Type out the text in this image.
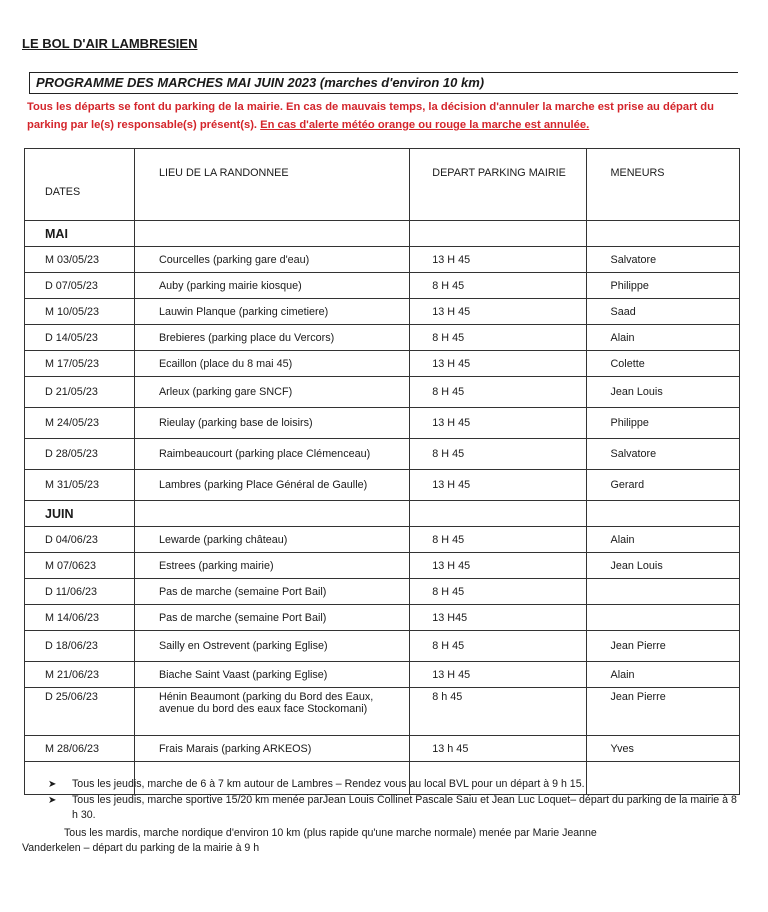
LE BOL D'AIR LAMBRESIEN
PROGRAMME DES MARCHES MAI JUIN 2023 (marches d'environ 10 km)
Tous les départs se font du parking de la mairie. En cas de mauvais temps, la décision d'annuler la marche est prise au départ du parking par le(s) responsable(s) présent(s). En cas d'alerte météo orange ou rouge la marche est annulée.
DATES	LIEU DE LA RANDONNEE	DEPART PARKING MAIRIE	MENEURS
MAI			
M 03/05/23	Courcelles (parking gare d'eau)	13 H 45	Salvatore
D 07/05/23	Auby (parking mairie kiosque)	8 H 45	Philippe
M 10/05/23	Lauwin Planque (parking cimetiere)	13 H 45	Saad
D 14/05/23	Brebieres (parking place du Vercors)	8 H 45	Alain
M 17/05/23	Ecaillon (place du 8 mai 45)	13 H 45	Colette
D 21/05/23	Arleux (parking gare SNCF)	8 H 45	Jean Louis
M 24/05/23	Rieulay (parking base de loisirs)	13 H 45	Philippe
D 28/05/23	Raimbeaucourt (parking place Clémenceau)	8 H 45	Salvatore
M 31/05/23	Lambres (parking Place Général de Gaulle)	13 H 45	Gerard
JUIN			
D 04/06/23	Lewarde (parking château)	8 H 45	Alain
M 07/0623	Estrees (parking mairie)	13 H 45	Jean Louis
D 11/06/23	Pas de marche (semaine Port Bail)	8 H 45	
M 14/06/23	Pas de marche (semaine Port Bail)	13 H45	
D 18/06/23	Sailly en Ostrevent (parking Eglise)	8 H 45	Jean Pierre
M 21/06/23	Biache Saint Vaast (parking Eglise)	13 H 45	Alain
D 25/06/23	Hénin Beaumont (parking du Bord des Eaux, avenue du bord des eaux face Stockomani)	8 h 45	Jean Pierre
M 28/06/23	Frais Marais (parking ARKEOS)	13 h 45	Yves

➤ Tous les jeudis, marche de 6 à 7 km autour de Lambres – Rendez vous au local BVL pour un départ à 9 h 15.
➤ Tous les jeudis, marche sportive 15/20 km menée parJean Louis Collinet Pascale Saiu et Jean Luc Loquet– départ du parking de la mairie à 8 h 30.
Tous les mardis, marche nordique d'environ 10 km (plus rapide qu'une marche normale) menée par Marie Jeanne
Vanderkelen – départ du parking de la mairie à 9 h
